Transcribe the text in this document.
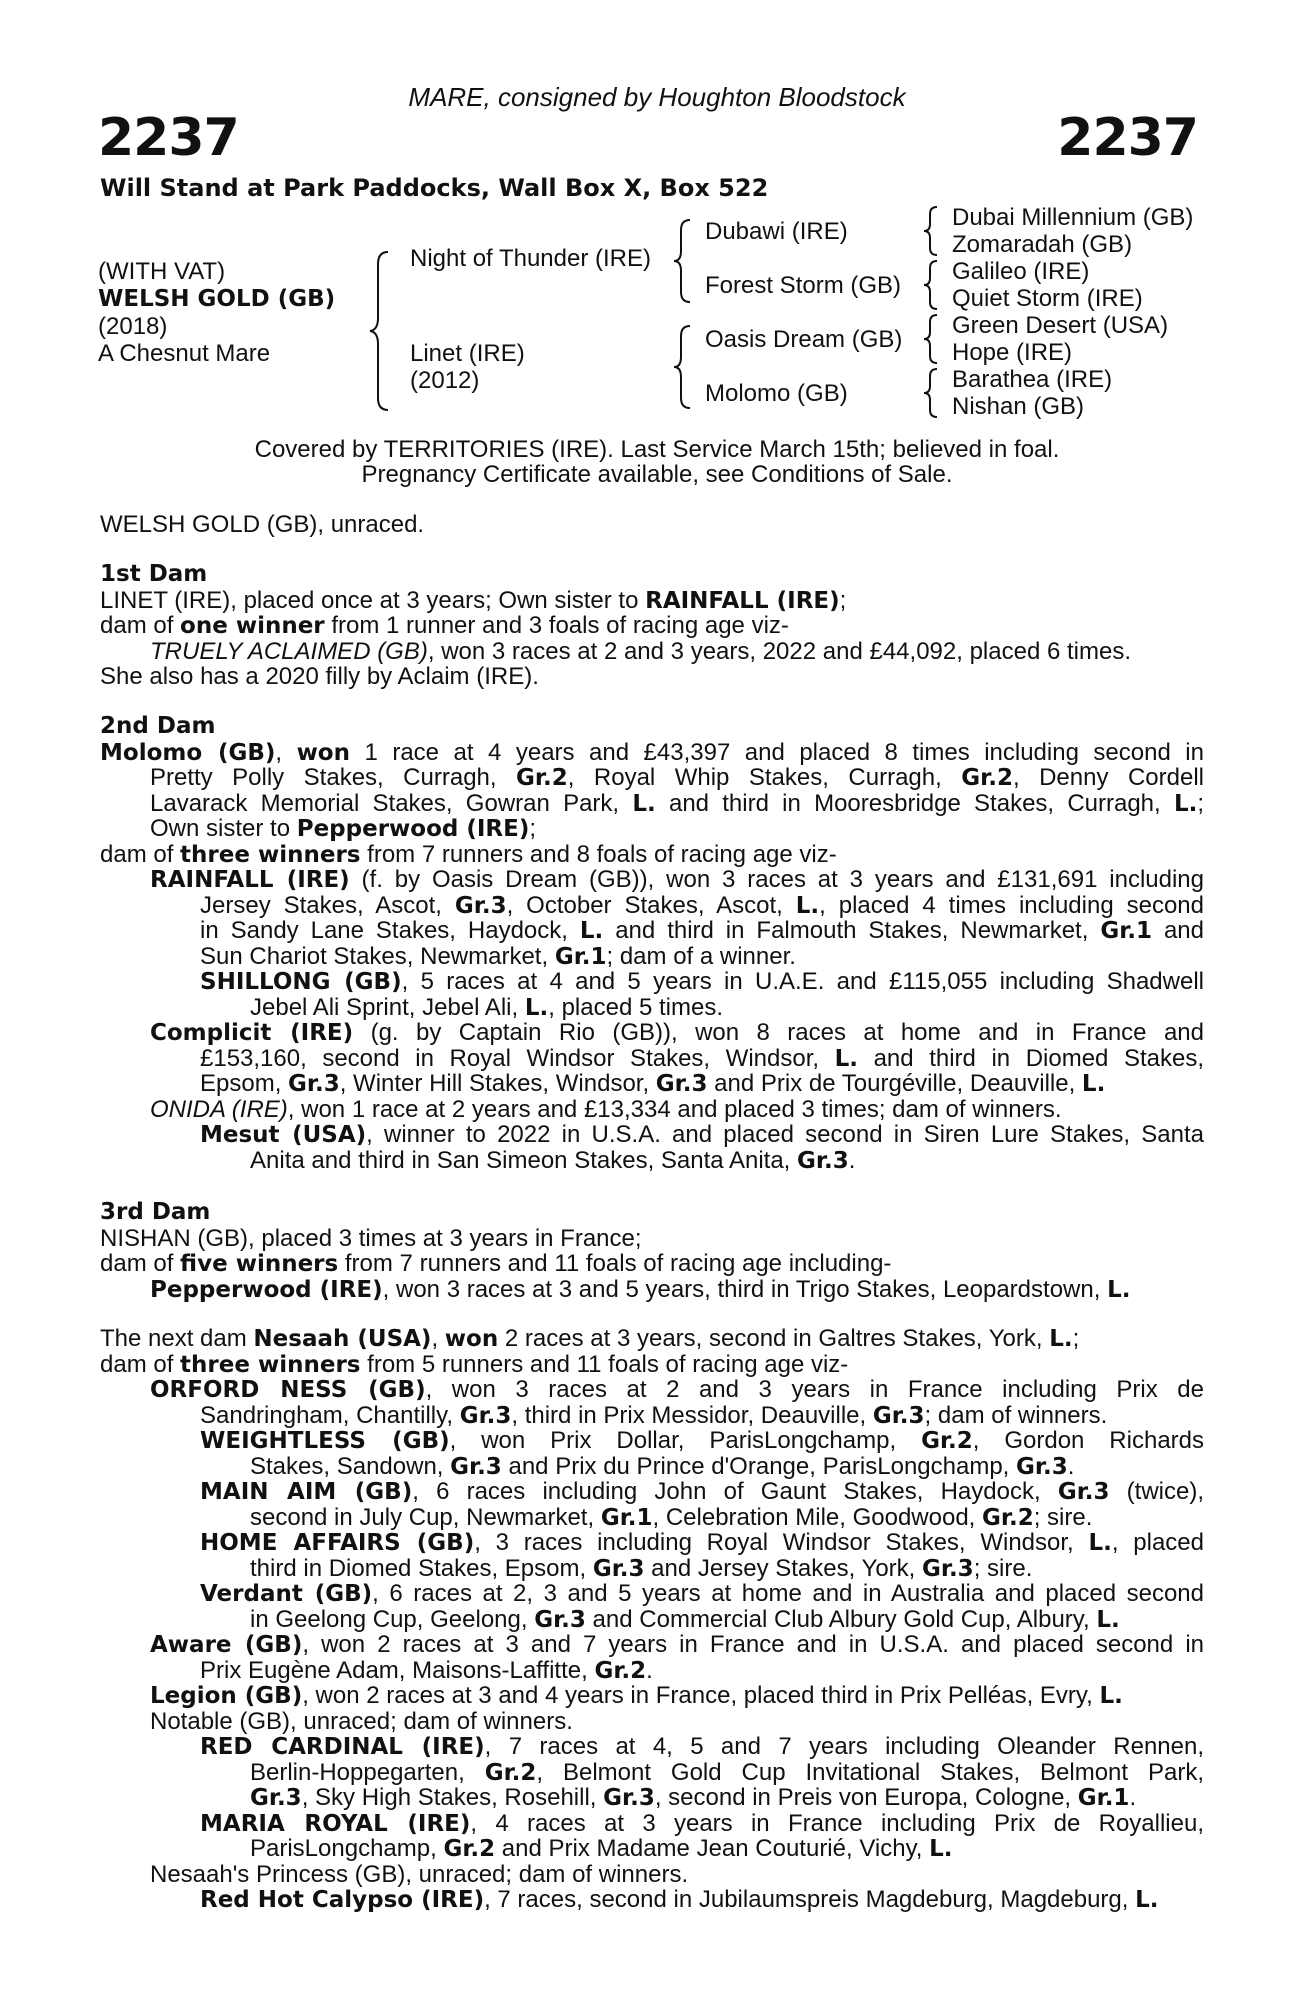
MARE, consigned by Houghton Bloodstock
2237	2237
Will Stand at Park Paddocks, Wall Box X, Box 522
(WITH VAT)
WELSH GOLD (GB)
(2018)
A Chesnut Mare
Night of Thunder (IRE)
Linet (IRE)
(2012)
Dubawi (IRE)
Forest Storm (GB)
Oasis Dream (GB)
Molomo (GB)
Dubai Millennium (GB)
Zomaradah (GB)
Galileo (IRE)
Quiet Storm (IRE)
Green Desert (USA)
Hope (IRE)
Barathea (IRE)
Nishan (GB)
Covered by TERRITORIES (IRE). Last Service March 15th; believed in foal.
Pregnancy Certificate available, see Conditions of Sale.
WELSH GOLD (GB), unraced.
1st Dam
LINET (IRE), placed once at 3 years; Own sister to RAINFALL (IRE);
dam of one winner from 1 runner and 3 foals of racing age viz-
TRUELY ACLAIMED (GB), won 3 races at 2 and 3 years, 2022 and £44,092, placed 6 times.
She also has a 2020 filly by Aclaim (IRE).
2nd Dam
Molomo (GB), won 1 race at 4 years and £43,397 and placed 8 times including second in
Pretty Polly Stakes, Curragh, Gr.2, Royal Whip Stakes, Curragh, Gr.2, Denny Cordell
Lavarack Memorial Stakes, Gowran Park, L. and third in Mooresbridge Stakes, Curragh, L.;
Own sister to Pepperwood (IRE);
dam of three winners from 7 runners and 8 foals of racing age viz-
RAINFALL (IRE) (f. by Oasis Dream (GB)), won 3 races at 3 years and £131,691 including
Jersey Stakes, Ascot, Gr.3, October Stakes, Ascot, L., placed 4 times including second
in Sandy Lane Stakes, Haydock, L. and third in Falmouth Stakes, Newmarket, Gr.1 and
Sun Chariot Stakes, Newmarket, Gr.1; dam of a winner.
SHILLONG (GB), 5 races at 4 and 5 years in U.A.E. and £115,055 including Shadwell
Jebel Ali Sprint, Jebel Ali, L., placed 5 times.
Complicit (IRE) (g. by Captain Rio (GB)), won 8 races at home and in France and
£153,160, second in Royal Windsor Stakes, Windsor, L. and third in Diomed Stakes,
Epsom, Gr.3, Winter Hill Stakes, Windsor, Gr.3 and Prix de Tourgéville, Deauville, L.
ONIDA (IRE), won 1 race at 2 years and £13,334 and placed 3 times; dam of winners.
Mesut (USA), winner to 2022 in U.S.A. and placed second in Siren Lure Stakes, Santa
Anita and third in San Simeon Stakes, Santa Anita, Gr.3.
3rd Dam
NISHAN (GB), placed 3 times at 3 years in France;
dam of five winners from 7 runners and 11 foals of racing age including-
Pepperwood (IRE), won 3 races at 3 and 5 years, third in Trigo Stakes, Leopardstown, L.
The next dam Nesaah (USA), won 2 races at 3 years, second in Galtres Stakes, York, L.;
dam of three winners from 5 runners and 11 foals of racing age viz-
ORFORD NESS (GB), won 3 races at 2 and 3 years in France including Prix de
Sandringham, Chantilly, Gr.3, third in Prix Messidor, Deauville, Gr.3; dam of winners.
WEIGHTLESS (GB), won Prix Dollar, ParisLongchamp, Gr.2, Gordon Richards
Stakes, Sandown, Gr.3 and Prix du Prince d'Orange, ParisLongchamp, Gr.3.
MAIN AIM (GB), 6 races including John of Gaunt Stakes, Haydock, Gr.3 (twice),
second in July Cup, Newmarket, Gr.1, Celebration Mile, Goodwood, Gr.2; sire.
HOME AFFAIRS (GB), 3 races including Royal Windsor Stakes, Windsor, L., placed
third in Diomed Stakes, Epsom, Gr.3 and Jersey Stakes, York, Gr.3; sire.
Verdant (GB), 6 races at 2, 3 and 5 years at home and in Australia and placed second
in Geelong Cup, Geelong, Gr.3 and Commercial Club Albury Gold Cup, Albury, L.
Aware (GB), won 2 races at 3 and 7 years in France and in U.S.A. and placed second in
Prix Eugène Adam, Maisons-Laffitte, Gr.2.
Legion (GB), won 2 races at 3 and 4 years in France, placed third in Prix Pelléas, Evry, L.
Notable (GB), unraced; dam of winners.
RED CARDINAL (IRE), 7 races at 4, 5 and 7 years including Oleander Rennen,
Berlin-Hoppegarten, Gr.2, Belmont Gold Cup Invitational Stakes, Belmont Park,
Gr.3, Sky High Stakes, Rosehill, Gr.3, second in Preis von Europa, Cologne, Gr.1.
MARIA ROYAL (IRE), 4 races at 3 years in France including Prix de Royallieu,
ParisLongchamp, Gr.2 and Prix Madame Jean Couturié, Vichy, L.
Nesaah's Princess (GB), unraced; dam of winners.
Red Hot Calypso (IRE), 7 races, second in Jubilaumspreis Magdeburg, Magdeburg, L.
